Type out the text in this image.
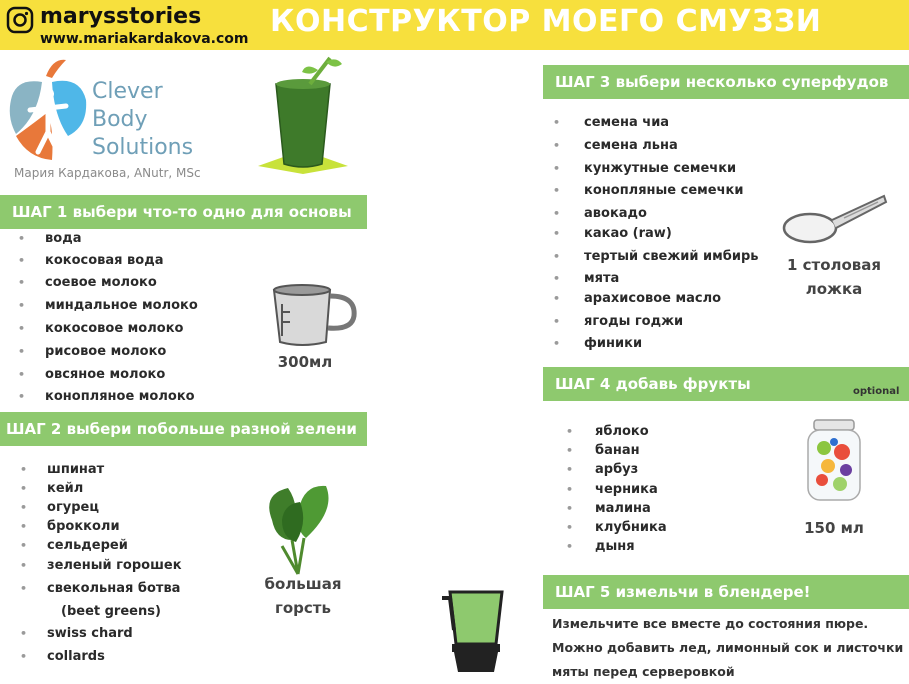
marysstories
www.mariakardakova.com КОНСТРУКТОР МОЕГО СМУЗЗИ
Clever
Body
Solutions
Мария Кардакова, ANutr, MSc
ШАГ 1 выбери что-то одно для основы
• вода
• кокосовая вода
• соевое молоко
• миндальное молоко
• кокосовое молоко
• рисовое молоко
• овсяное молоко
• конопляное молоко
300мл
ШАГ 2 выбери побольше разной зелени
• шпинат
• кейл
• огурец
• брокколи
• сельдерей
• зеленый горошек
• свекольная ботва
(beet greens)
• swiss chard
• collards
большая
горсть
ШАГ 3 выбери несколько суперфудов
• семена чиа
• семена льна
• кунжутные семечки
• конопляные семечки
• авокадо
• какао (raw)
• тертый свежий имбирь
• мята
• арахисовое масло
• ягоды годжи
• финики
1 столовая
ложка
ШАГ 4 добавь фрукты	optional
• яблоко
• банан
• арбуз
• черника
• малина
• клубника
• дыня
150 мл
ШАГ 5 измельчи в блендере!
Измельчите все вместе до состояния пюре.
Можно добавить лед, лимонный сок и листочки
мяты перед серверовкой
